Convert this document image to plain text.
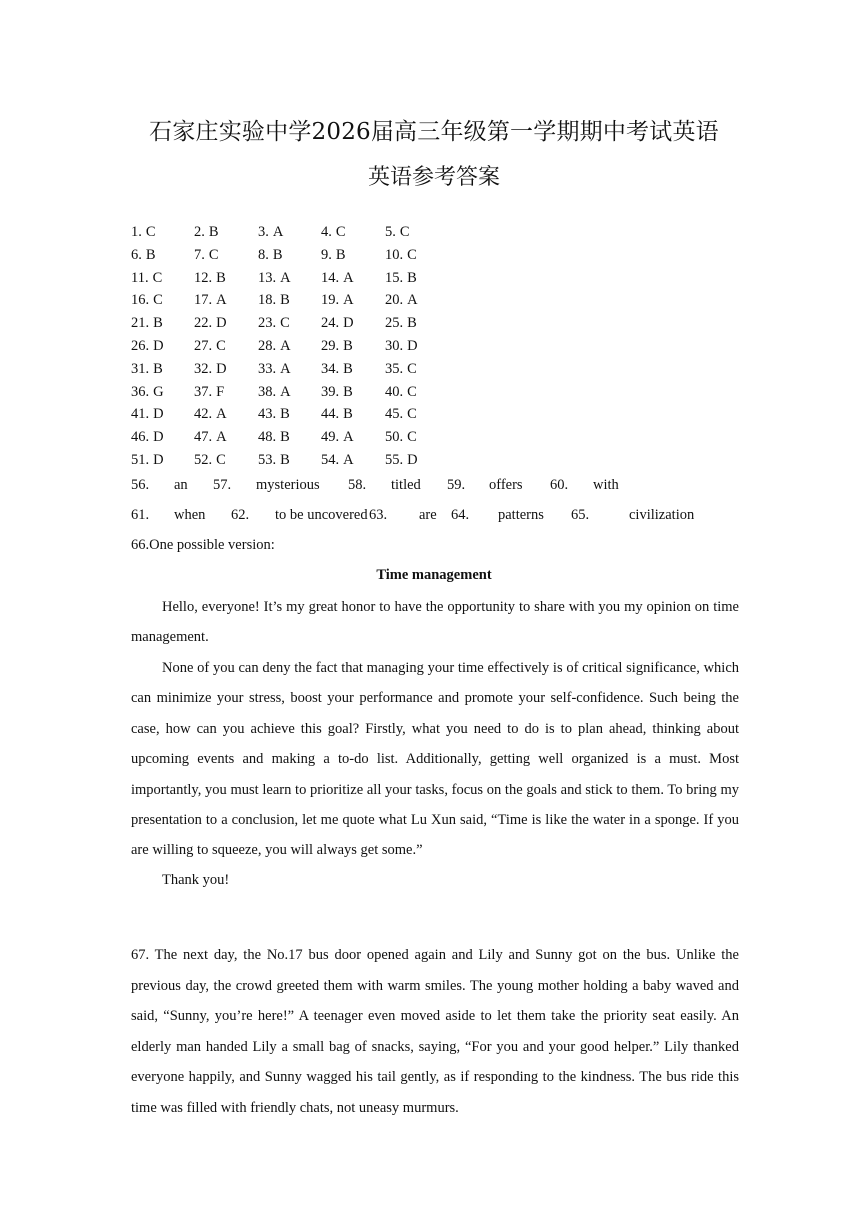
石家庄实验中学2026届高三年级第一学期期中考试英语
英语参考答案
1. C	2. B	3. A	4. C	5. C
6. B	7. C	8. B	9. B	10. C
11. C 12. B 13. A 14. A 15. B
16. C 17. A 18. B 19. A 20. A
21. B 22. D 23. C 24. D 25. B
26. D 27. C 28. A 29. B 30. D
31. B 32. D 33. A 34. B 35. C
36. G 37. F 38. A 39. B 40. C
41. D 42. A 43. B 44. B 45. C
46. D 47. A 48. B 49. A 50. C
51. D 52. C 53. B 54. A 55. D
56. an 57. mysterious 58. titled 59. offers 60. with
61. when 62. to be uncovered 63. are 64. patterns 65.	civilization
66.One possible version:
Time management

Hello, everyone! It’s my great honor to have the opportunity to share with you my opinion on time management.

None of you can deny the fact that managing your time effectively is of critical significance, which can minimize your stress, boost your performance and promote your self-confidence. Such being the case, how can you achieve this goal? Firstly, what you need to do is to plan ahead, thinking about upcoming events and making a to-do list. Additionally, getting well organized is a must. Most importantly, you must learn to prioritize all your tasks, focus on the goals and stick to them. To bring my presentation to a conclusion, let me quote what Lu Xun said, “Time is like the water in a sponge. If you are willing to squeeze, you will always get some.”

Thank you!

67. The next day, the No.17 bus door opened again and Lily and Sunny got on the bus. Unlike the previous day, the crowd greeted them with warm smiles. The young mother holding a baby waved and said, “Sunny, you’re here!” A teenager even moved aside to let them take the priority seat easily. An elderly man handed Lily a small bag of snacks, saying, “For you and your good helper.” Lily thanked everyone happily, and Sunny wagged his tail gently, as if responding to the kindness. The bus ride this time was filled with friendly chats, not uneasy murmurs.
